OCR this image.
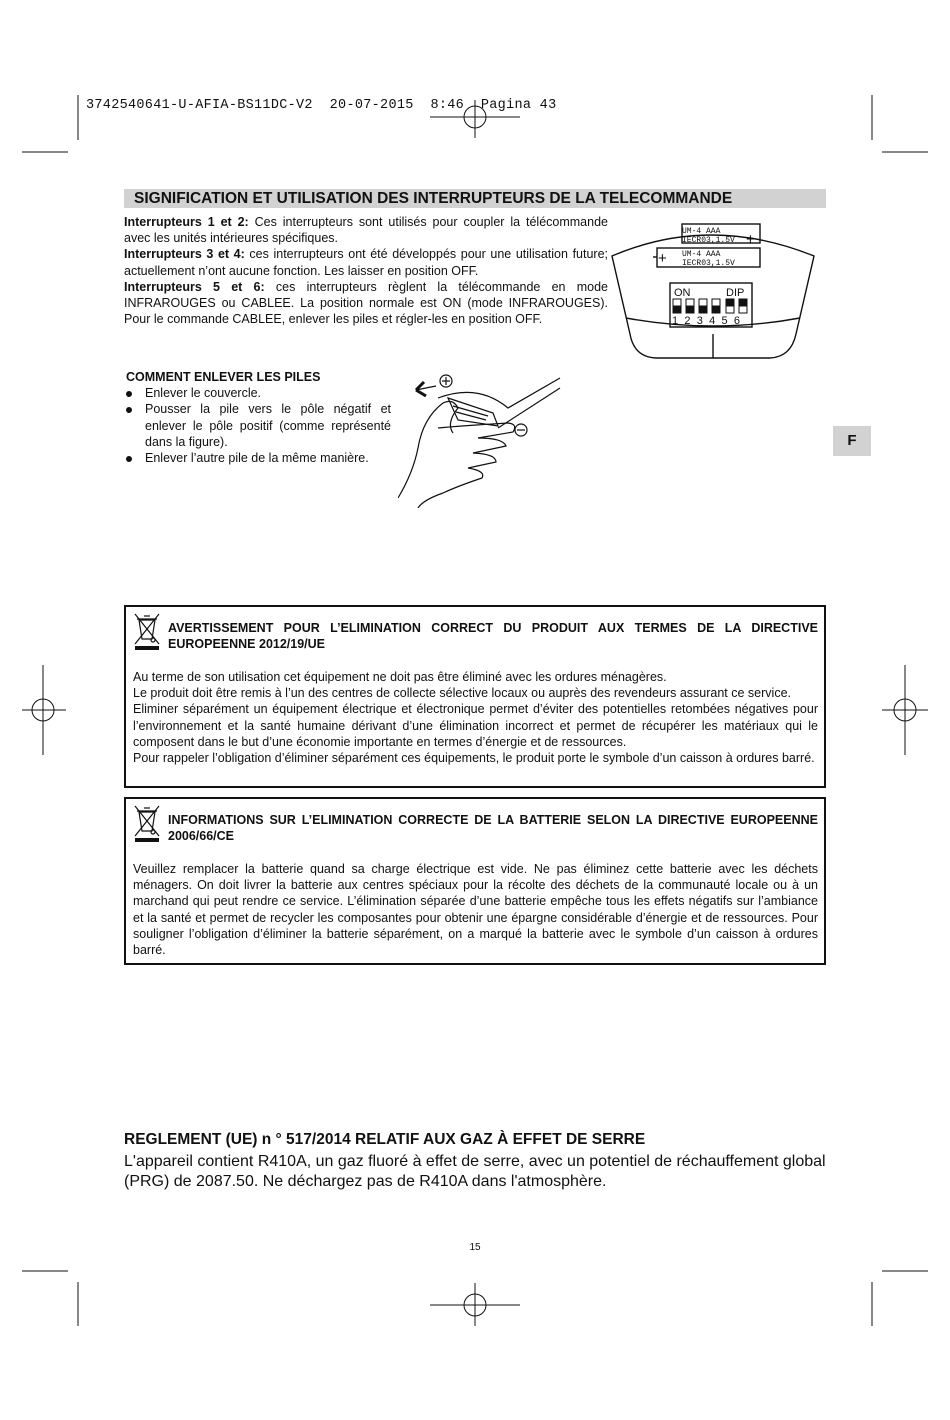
3742540641-U-AFIA-BS11DC-V2  20-07-2015  8:46  Pagina 43
SIGNIFICATION ET UTILISATION DES INTERRUPTEURS DE LA TELECOMMANDE

Interrupteurs 1 et 2: Ces interrupteurs sont utilisés pour coupler la télécommande avec les unités intérieures spécifiques.

Interrupteurs 3 et 4: ces interrupteurs ont été développés pour une utilisation future; actuellement n’ont aucune fonction. Les laisser en position OFF.

Interrupteurs 5 et 6: ces interrupteurs règlent la télécommande en mode INFRAROUGES ou CABLEE. La position normale est ON (mode INFRAROUGES). Pour le commande CABLEE, enlever les piles et régler-les en position OFF.

UM-4 AAA
IECR03,1.5V
UM-4 AAA
IECR03,1.5V
+
+
ON	DIP
1 2 3 4 5 6
COMMENT ENLEVER LES PILES
Enlever le couvercle.
Pousser la pile vers le pôle négatif et enlever le pôle positif (comme représenté dans la figure).
Enlever l’autre pile de la même manière.
F
AVERTISSEMENT POUR L’ELIMINATION CORRECT DU PRODUIT AUX TERMES DE LA DIRECTIVE EUROPEENNE 2012/19/UE

Au terme de son utilisation cet équipement ne doit pas être éliminé avec les ordures ménagères.

Le produit doit être remis à l’un des centres de collecte sélective locaux ou auprès des revendeurs assurant ce service.

Eliminer séparément un équipement électrique et électronique permet d’éviter des potentielles retombées négatives pour l’environnement et la santé humaine dérivant d’une élimination incorrect et permet de récupérer les matériaux qui le composent dans le but d’une économie importante en termes d’énergie et de ressources.

Pour rappeler l’obligation d’éliminer séparément ces équipements, le produit porte le symbole d’un caisson à ordures barré.

INFORMATIONS SUR L’ELIMINATION CORRECTE DE LA BATTERIE SELON LA DIRECTIVE EUROPEENNE 2006/66/CE

Veuillez remplacer la batterie quand sa charge électrique est vide. Ne pas éliminez cette batterie avec les déchets ménagers. On doit livrer la batterie aux centres spéciaux pour la récolte des déchets de la communauté locale ou à un marchand qui peut rendre ce service. L’élimination séparée d’une batterie empêche tous les effets négatifs sur l’ambiance et la santé et permet de recycler les composantes pour obtenir une épargne considérable d’énergie et de ressources. Pour souligner l’obligation d’éliminer la batterie séparément, on a marqué la batterie avec le symbole d’un caisson à ordures barré.

REGLEMENT (UE) n ° 517/2014 RELATIF AUX GAZ À EFFET DE SERRE
L'appareil contient R410A, un gaz fluoré à effet de serre, avec un potentiel de réchauffement global (PRG) de 2087.50. Ne déchargez pas de R410A dans l'atmosphère.
15
